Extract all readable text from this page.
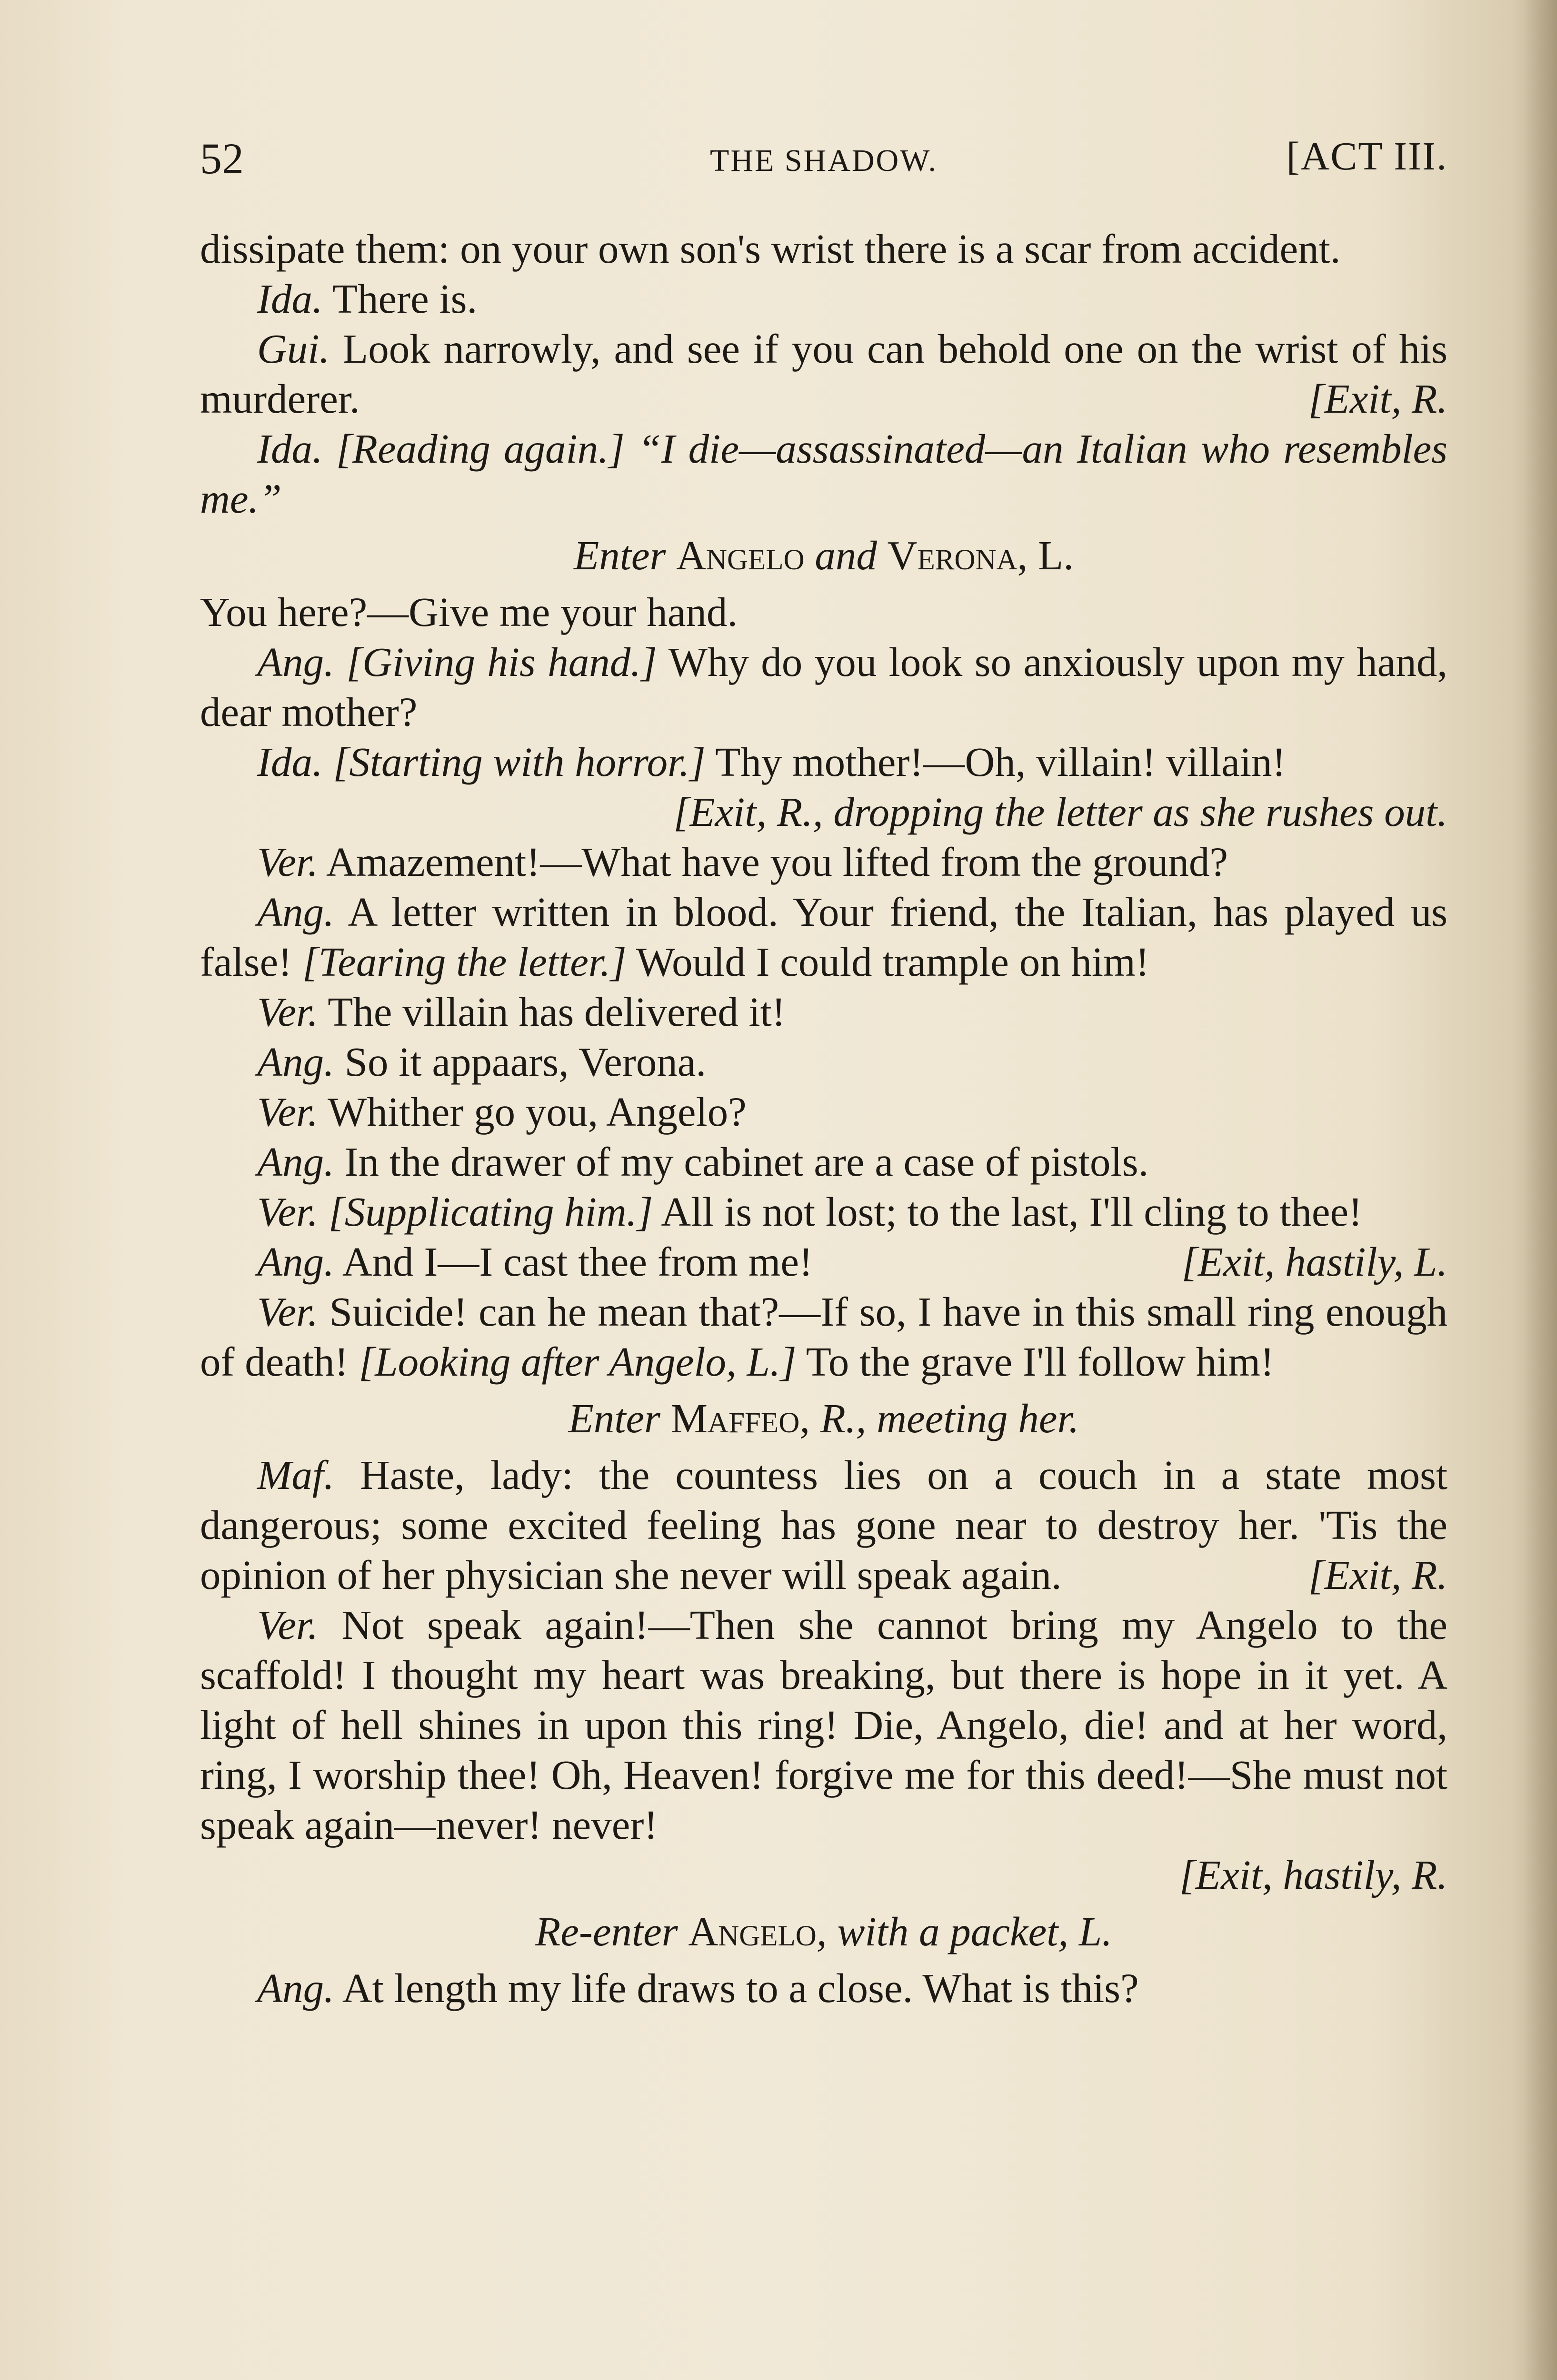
52	THE SHADOW.	[ACT III.

dissipate them: on your own son's wrist there is a scar from accident.

Ida. There is.

Gui. Look narrowly, and see if you can behold one on the wrist of his murderer.	[Exit, R.

Ida. [Reading again.] “I die—assassinated—an Italian who resembles me.”

Enter Angelo and Verona, L.

You here?—Give me your hand.

Ang. [Giving his hand.] Why do you look so anxiously upon my hand, dear mother?

Ida. [Starting with horror.] Thy mother!—Oh, villain! villain!

[Exit, R., dropping the letter as she rushes out.

Ver. Amazement!—What have you lifted from the ground?

Ang. A letter written in blood. Your friend, the Italian, has played us false! [Tearing the letter.] Would I could trample on him!

Ver. The villain has delivered it!

Ang. So it appaars, Verona.

Ver. Whither go you, Angelo?

Ang. In the drawer of my cabinet are a case of pistols.

Ver. [Supplicating him.] All is not lost; to the last, I'll cling to thee!

Ang. And I—I cast thee from me!	[Exit, hastily, L.

Ver. Suicide! can he mean that?—If so, I have in this small ring enough of death! [Looking after Angelo, L.] To the grave I'll follow him!

Enter Maffeo, R., meeting her.

Maf. Haste, lady: the countess lies on a couch in a state most dangerous; some excited feeling has gone near to destroy her. 'Tis the opinion of her physician she never will speak again.	[Exit, R.

Ver. Not speak again!—Then she cannot bring my Angelo to the scaffold! I thought my heart was breaking, but there is hope in it yet. A light of hell shines in upon this ring! Die, Angelo, die! and at her word, ring, I worship thee! Oh, Heaven! forgive me for this deed!—She must not speak again—never! never!

[Exit, hastily, R.

Re-enter Angelo, with a packet, L.

Ang. At length my life draws to a close. What is this?
